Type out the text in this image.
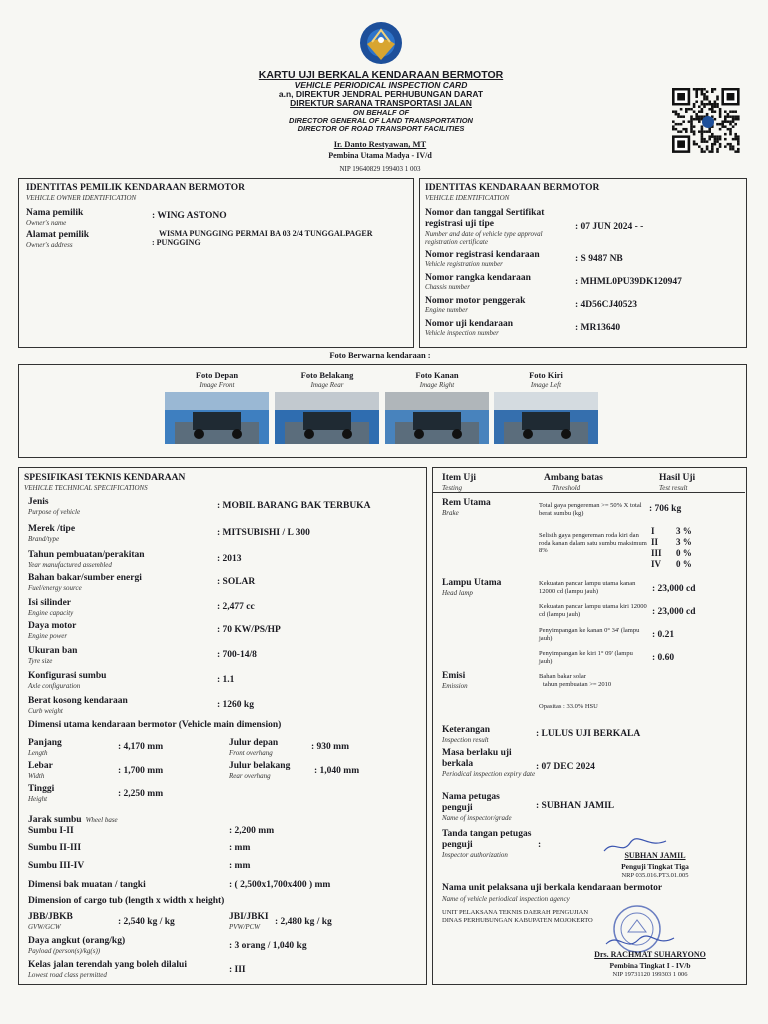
KARTU UJI BERKALA KENDARAAN BERMOTOR
VEHICLE PERIODICAL INSPECTION CARD
a.n, DIREKTUR JENDRAL PERHUBUNGAN DARAT
DIREKTUR SARANA TRANSPORTASI JALAN
ON BEHALF OF
DIRECTOR GENERAL OF LAND TRANSPORTATION
DIRECTOR OF ROAD TRANSPORT FACILITIES
Ir. Danto Restyawan, MT
Pembina Utama Madya - IV/d
NIP 19640829 199403 1 003
IDENTITAS PEMILIK KENDARAAN BERMOTOR
VEHICLE OWNER IDENTIFICATION
Nama pemilik
Owner's name
: WING ASTONO
Alamat pemilik
Owner's address
WISMA PUNGGING PERMAI BA 03 2/4 TUNGGALPAGER
: PUNGGING
IDENTITAS KENDARAAN BERMOTOR
VEHICLE IDENTIFICATION
Nomor dan tanggal Sertifikat registrasi uji tipe
Number and date of vehicle type approval registration certificate
: 07 JUN 2024 - -
Nomor registrasi kendaraan
Vehicle registration number	: S 9487 NB
Nomor rangka kendaraan
Chassis number	: MHML0PU39DK120947
Nomor motor penggerak
Engine number	: 4D56CJ40523
Nomor uji kendaraan
Vehicle inspection number	: MR13640
Foto Berwarna kendaraan :
Foto Depan
Image Front
Foto Belakang
Image Rear
Foto Kanan
Image Right
Foto Kiri
Image Left
SPESIFIKASI TEKNIS KENDARAAN
VEHICLE TECHNICAL SPECIFICATIONS
Jenis
Purpose of vehicle
: MOBIL BARANG BAK TERBUKA
Merek /tipe
Brand/type
: MITSUBISHI / L 300
Tahun pembuatan/perakitan
Year manufactured assembled
: 2013
Bahan bakar/sumber energi
Fuel/energy source
: SOLAR
Isi silinder
Engine capacity
: 2,477 cc
Daya motor
Engine power
: 70 KW/PS/HP
Ukuran ban
Tyre size
: 700-14/8
Konfigurasi sumbu
Axle configuration
: 1.1
Berat kosong kendaraan
Curb weight
: 1260 kg
Dimensi utama kendaraan bermotor (Vehicle main dimension)
Panjang
Length
: 4,170 mm	Julur depan
Front overhang
: 930 mm
Lebar
Width	: 1,700 mm	Julur belakang
Rear overhang	: 1,040 mm
Tinggi
Height	: 2,250 mm
Jarak sumbu Wheel base
Sumbu I-II	: 2,200 mm
Sumbu II-III	: mm
Sumbu III-IV	: mm
Dimensi bak muatan / tangki	: ( 2,500x1,700x400 ) mm
Dimension of cargo tub (length x width x height)
JBB/JBKB
GVW/GCW	: 2,540 kg / kg	JBI/JBKI
PVW/PCW : 2,480 kg / kg
Daya angkut (orang/kg)
Payload (person(s)/kg(s))	: 3 orang / 1,040 kg
Kelas jalan terendah yang boleh dilalui
Lowest road class permitted	: III
Item Uji
Testing
Ambang batas
Threshold
Hasil Uji
Test result
Rem Utama
Brake
Total gaya pengereman >= 50% X total berat sumbu (kg)	: 706 kg
Selisih gaya pengereman roda kiri dan roda kanan dalam satu sumbu maksimum 8%
I 3 %
II 3 %
III 0 %
IV 0 %
Lampu Utama
Head lamp
Kekuatan pancar lampu utama kanan 12000 cd (lampu jauh)	: 23,000 cd
Kekuatan pancar lampu utama kiri 12000 cd (lampu jauh)	: 23,000 cd
Penyimpangan ke kanan 0° 34' (lampu jauh)	: 0.21
Penyimpangan ke kiri 1° 09' (lampu jauh)	: 0.60
Emisi
Emission
Bahan bakar solar
tahun pembuatan >= 2010
Opasitas : 33.0% HSU
Keterangan
Inspection result
: LULUS UJI BERKALA
Masa berlaku uji berkala
Periodical inspection expiry date
: 07 DEC 2024
Nama petugas penguji
Name of inspector/grade
: SUBHAN JAMIL
Tanda tangan petugas penguji
Inspector authorization
:
SUBHAN JAMIL
Penguji Tingkat Tiga
NRP 035.016.PT3.01.005
Nama unit pelaksana uji berkala kendaraan bermotor
Name of vehicle periodical inspection agency
UNIT PELAKSANA TEKNIS DAERAH PENGUJIAN
DINAS PERHUBUNGAN KABUPATEN MOJOKERTO
Drs. RACHMAT SUHARYONO
Pembina Tingkat I - IV/b
NIP 19731120 199303 1 006
